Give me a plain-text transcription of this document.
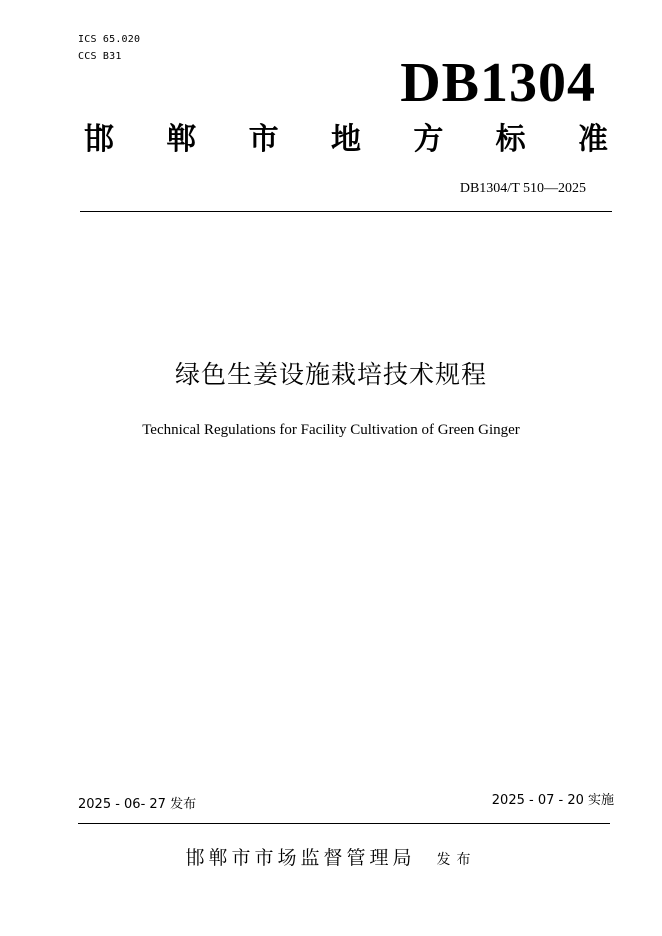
ICS 65.020
CCS B31	DB1304
邯 郸 市 地 方 标 准
DB1304/T 510—2025
绿色生姜设施栽培技术规程
Technical Regulations for Facility Cultivation of Green Ginger
2025 - 06- 27 发布	2025 - 07 - 20 实施
邯郸市市场监督管理局 发布
